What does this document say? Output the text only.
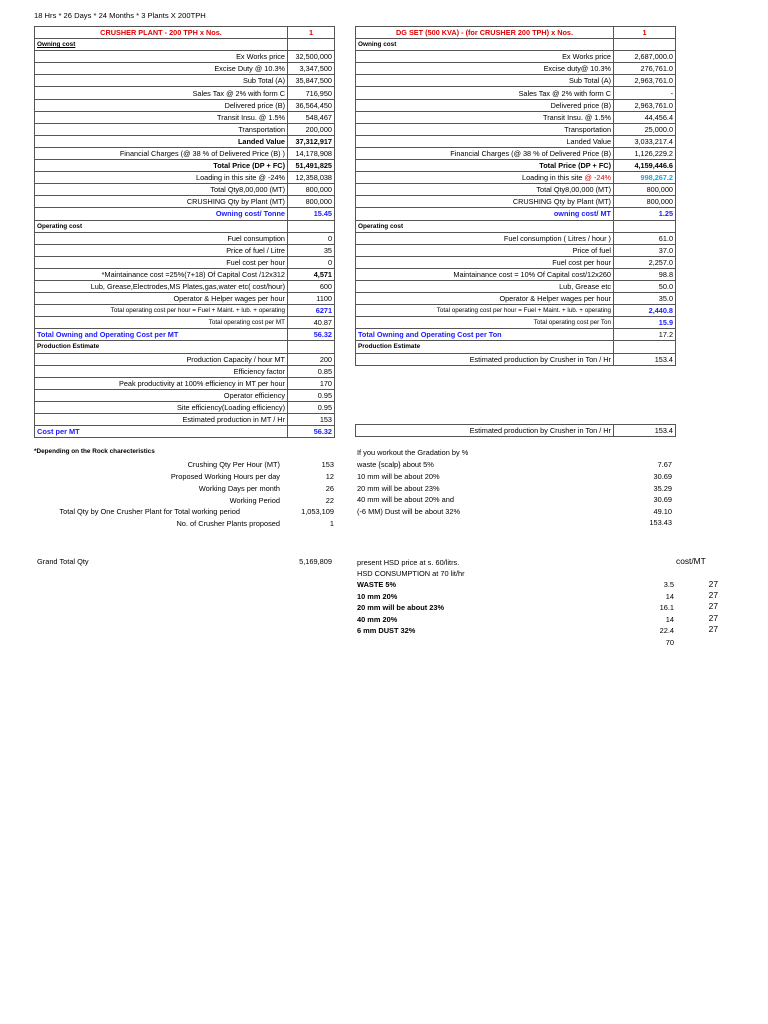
18 Hrs * 26 Days * 24 Months * 3 Plants X 200TPH
CRUSHER PLANT - 200 TPH x Nos.	1
Owning cost	
Ex Works price	32,500,000
Excise Duty @ 10.3%	3,347,500
Sub Total (A)	35,847,500
Sales Tax @ 2% with form C	716,950
Delivered price (B)	36,564,450
Transit Insu. @ 1.5%	548,467
Transportation	200,000
Landed Value	37,312,917
Financial Charges (@ 38 % of Delivered Price (B) )	14,178,908
Total Price (DP + FC)	51,491,825
Loading in this site @ -24%	12,358,038
Total Qty8,00,000 (MT)	800,000
CRUSHING Qty by Plant (MT)	800,000
Owning cost/ Tonne	15.45
Operating cost	
Fuel consumption	0
Price of fuel / Litre	35
Fuel cost per hour	0
*Maintainance cost =25%(7+18) Of Capital Cost /12x312	4,571
Lub, Grease,Electrodes,MS Plates,gas,water etc( cost/hour)	600
Operator & Helper wages per hour	1100
Total operating cost per hour = Fuel + Maint. + lub. + operating	6271
Total operating cost per MT	40.87
Total Owning and Operating Cost per MT	56.32
Production Estimate	
Production Capacity / hour MT	200
Efficiency factor	0.85
Peak productivity at 100% efficiency in MT per hour	170
Operator efficiency	0.95
Site efficiency(Loading efficiency)	0.95
Estimated production in MT / Hr	153
Cost per MT	56.32
*Depending on the Rock charecteristics
Crushing Qty Per Hour (MT)	153
Proposed Working Hours per day	12
Working Days per month	26
Working Period	22
Total Qty by One Crusher Plant for Total working period	1,053,109
No. of Crusher Plants proposed	1
Grand Total Qty	5,169,809
DG SET (500 KVA) - (for CRUSHER 200 TPH) x Nos.	1
Owning cost	
Ex Works price	2,687,000.0
Excise duty@ 10.3%	276,761.0
Sub Total (A)	2,963,761.0
Sales Tax @ 2% with form C	-
Delivered price (B)	2,963,761.0
Transit Insu. @ 1.5%	44,456.4
Transportation	25,000.0
Landed Value	3,033,217.4
Financial Charges (@ 38 % of Delivered Price (B)	1,126,229.2
Total Price (DP + FC)	4,159,446.6
Loading in this site @ -24%	998,267.2
Total Qty8,00,000 (MT)	800,000
CRUSHING Qty by Plant (MT)	800,000
owning cost/ MT	1.25
Operating cost	
Fuel consumption ( Litres / hour )	61.0
Price of fuel	37.0
Fuel cost per hour	2,257.0
Maintainance cost = 10% Of Capital cost/12x260	98.8
Lub, Grease etc	50.0
Operator & Helper wages per hour	35.0
Total operating cost per hour = Fuel + Maint. + lub. + operating	2,440.8
Total operating cost per Ton	15.9
Total Owning and Operating Cost per Ton	17.2
Production Estimate	
Estimated production by Crusher in Ton / Hr	153.4
Estimated production by Crusher in Ton / Hr	153.4
If you workout the Gradation by %
waste {scalp} about 5%	7.67
10 mm will be about 20%	30.69
20 mm will be about 23%	35.29
40 mm will be about 20% and	30.69
(-6 MM) Dust will be about 32%	49.10
153.43
present HSD price at s. 60/litrs.
HSD CONSUMPTION at 70 lit/hr
cost/MT
WASTE 5%	3.5	27
10 mm 20%	14	27
20 mm will be about 23%	16.1	27
40 mm 20%	14	27
6 mm DUST 32%	22.4	27
70
